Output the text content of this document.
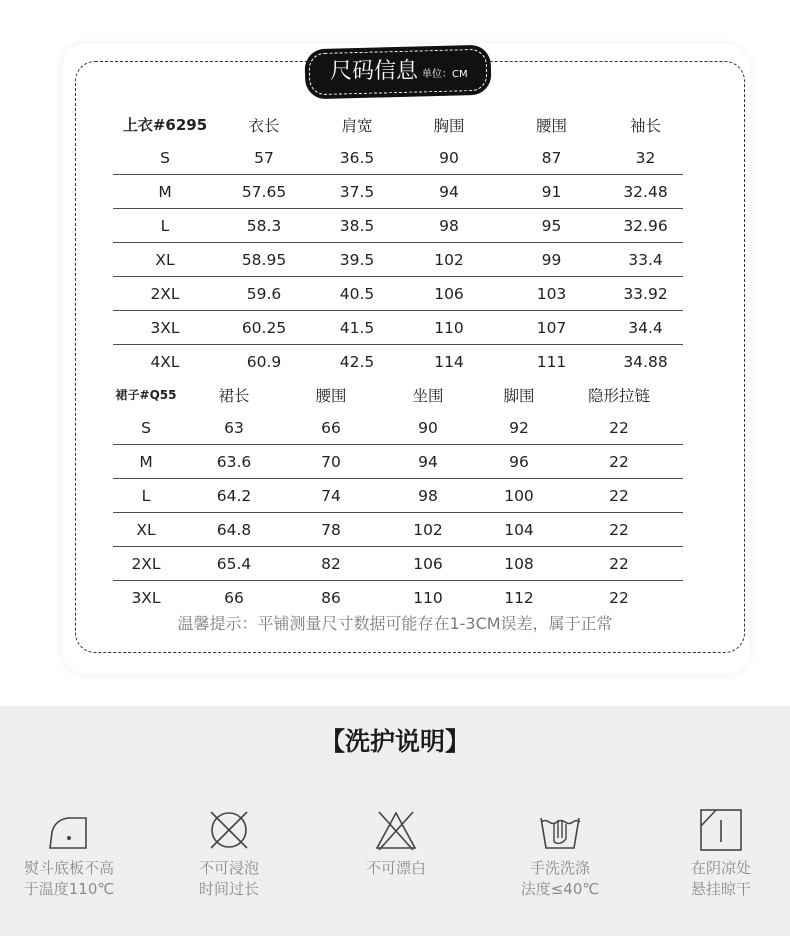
尺码信息 单位：CM
上衣#6295	衣长	肩宽	胸围	腰围	袖长
S	57	36.5	90	87	32
M	57.65	37.5	94	91	32.48
L	58.3	38.5	98	95	32.96
XL	58.95	39.5	102	99	33.4
2XL	59.6	40.5	106	103	33.92
3XL	60.25	41.5	110	107	34.4
4XL	60.9	42.5	114	111	34.88
裙子#Q55	裙长	腰围	坐围	脚围	隐形拉链
S	63	66	90	92	22
M	63.6	70	94	96	22
L	64.2	74	98	100	22
XL	64.8	78	102	104	22
2XL	65.4	82	106	108	22
3XL	66	86	110	112	22
温馨提示：平铺测量尺寸数据可能存在1-3CM误差，属于正常
【洗护说明】
熨斗底板不高
于温度110℃
不可浸泡
时间过长
不可漂白	手洗洗涤
法度≤40℃
在阴凉处
悬挂晾干
